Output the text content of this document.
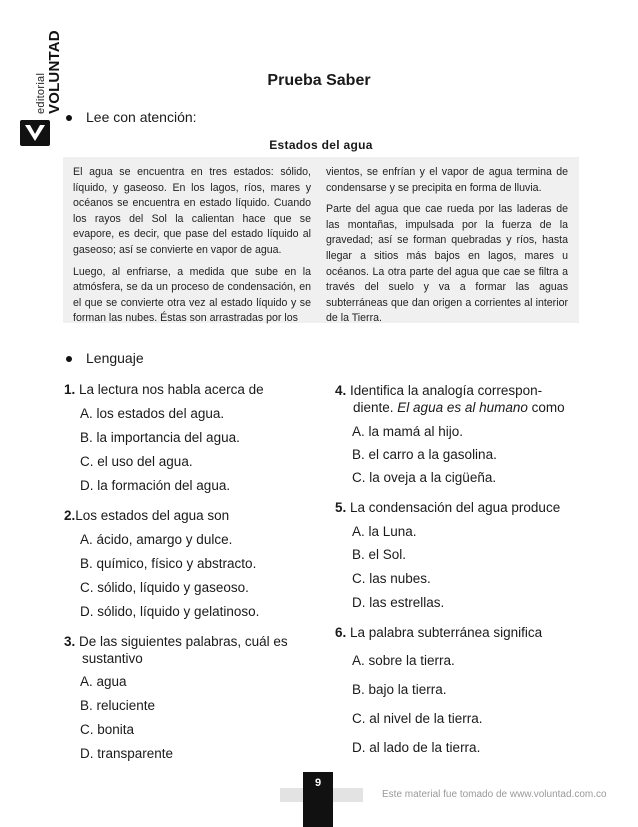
editorial VOLUNTAD	Prueba Saber
Lee con atención:
Estados del agua

El agua se encuentra en tres estados: sólido, líquido, y gaseoso. En los lagos, ríos, mares y océanos se encuentra en estado líquido. Cuando los rayos del Sol la calientan hace que se evapore, es decir, que pase del estado líquido al gaseoso; así se convierte en vapor de agua.

Luego, al enfriarse, a medida que sube en la atmósfera, se da un proceso de condensación, en el que se convierte otra vez al estado líquido y se forman las nubes. Éstas son arrastradas por los

vientos, se enfrían y el vapor de agua termina de condensarse y se precipita en forma de lluvia.

Parte del agua que cae rueda por las laderas de las montañas, impulsada por la fuerza de la gravedad; así se forman quebradas y ríos, hasta llegar a sitios más bajos en lagos, mares u océanos. La otra parte del agua que cae se filtra a través del suelo y va a formar las aguas subterráneas que dan origen a corrientes al interior de la Tierra.

Lenguaje
1. La lectura nos habla acerca de
A. los estados del agua.
B. la importancia del agua.
C. el uso del agua.
D. la formación del agua.
2.Los estados del agua son
A. ácido, amargo y dulce.
B. químico, físico y abstracto.
C. sólido, líquido y gaseoso.
D. sólido, líquido y gelatinoso.
3. De las siguientes palabras, cuál es
sustantivo
A. agua
B. reluciente
C. bonita
D. transparente
4. Identifica la analogía correspon-
diente. El agua es al humano como
A. la mamá al hijo.
B. el carro a la gasolina.
C. la oveja a la cigüeña.
5. La condensación del agua produce
A. la Luna.
B. el Sol.
C. las nubes.
D. las estrellas.
6. La palabra subterránea significa
A. sobre la tierra.
B. bajo la tierra.
C. al nivel de la tierra.
D. al lado de la tierra.
9
Este material fue tomado de www.voluntad.com.co
